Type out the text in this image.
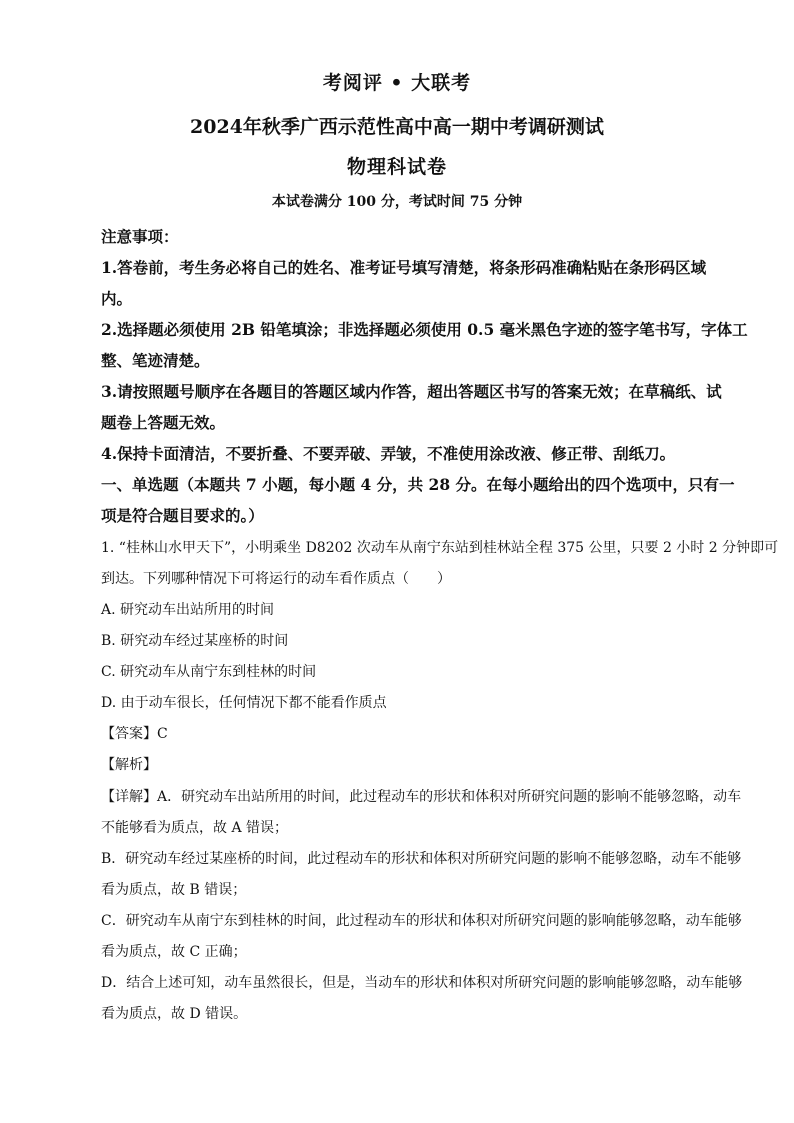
考阅评 • 大联考
2024年秋季广西示范性高中高一期中考调研测试
物理科试卷
本试卷满分 100 分，考试时间 75 分钟
注意事项：
1.答卷前，考生务必将自己的姓名、准考证号填写清楚，将条形码准确粘贴在条形码区域
内。
2.选择题必须使用 2B 铅笔填涂；非选择题必须使用 0.5 毫米黑色字迹的签字笔书写，字体工
整、笔迹清楚。
3.请按照题号顺序在各题目的答题区域内作答，超出答题区书写的答案无效；在草稿纸、试
题卷上答题无效。
4.保持卡面清洁，不要折叠、不要弄破、弄皱，不准使用涂改液、修正带、刮纸刀。
一、单选题（本题共 7 小题，每小题 4 分，共 28 分。在每小题给出的四个选项中，只有一
项是符合题目要求的。）
1. “桂林山水甲天下”，小明乘坐 D8202 次动车从南宁东站到桂林站全程 375 公里，只要 2 小时 2 分钟即可
到达。下列哪种情况下可将运行的动车看作质点（　　）
A. 研究动车出站所用的时间
B. 研究动车经过某座桥的时间
C. 研究动车从南宁东到桂林的时间
D. 由于动车很长，任何情况下都不能看作质点
【答案】C
【解析】
【详解】A．研究动车出站所用的时间，此过程动车的形状和体积对所研究问题的影响不能够忽略，动车
不能够看为质点，故 A 错误；
B．研究动车经过某座桥的时间，此过程动车的形状和体积对所研究问题的影响不能够忽略，动车不能够
看为质点，故 B 错误；
C．研究动车从南宁东到桂林的时间，此过程动车的形状和体积对所研究问题的影响能够忽略，动车能够
看为质点，故 C 正确；
D．结合上述可知，动车虽然很长，但是，当动车的形状和体积对所研究问题的影响能够忽略，动车能够
看为质点，故 D 错误。
